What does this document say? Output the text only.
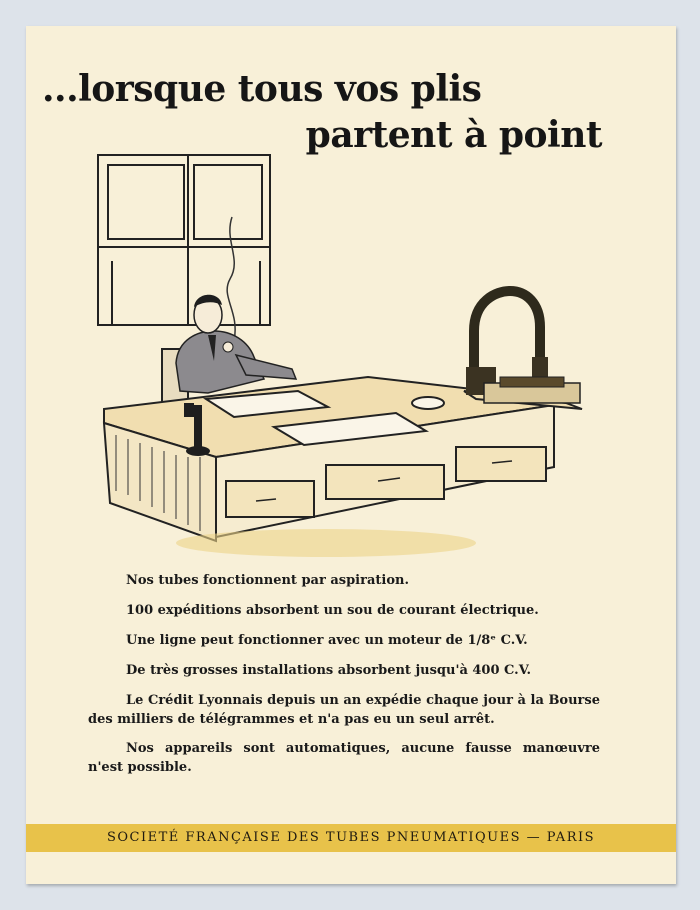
...lorsque tous vos plis
partent à point

Nos tubes fonctionnent par aspiration.

100 expéditions absorbent un sou de courant électrique.

Une ligne peut fonctionner avec un moteur de 1/8ᵉ C.V.

De très grosses installations absorbent jusqu'à 400 C.V.

Le Crédit Lyonnais depuis un an expédie chaque jour à la Bourse des milliers de télégrammes et n'a pas eu un seul arrêt.

Nos appareils sont automatiques, aucune fausse manœuvre n'est possible.

SOCIETÉ FRANÇAISE DES TUBES PNEUMATIQUES — PARIS
